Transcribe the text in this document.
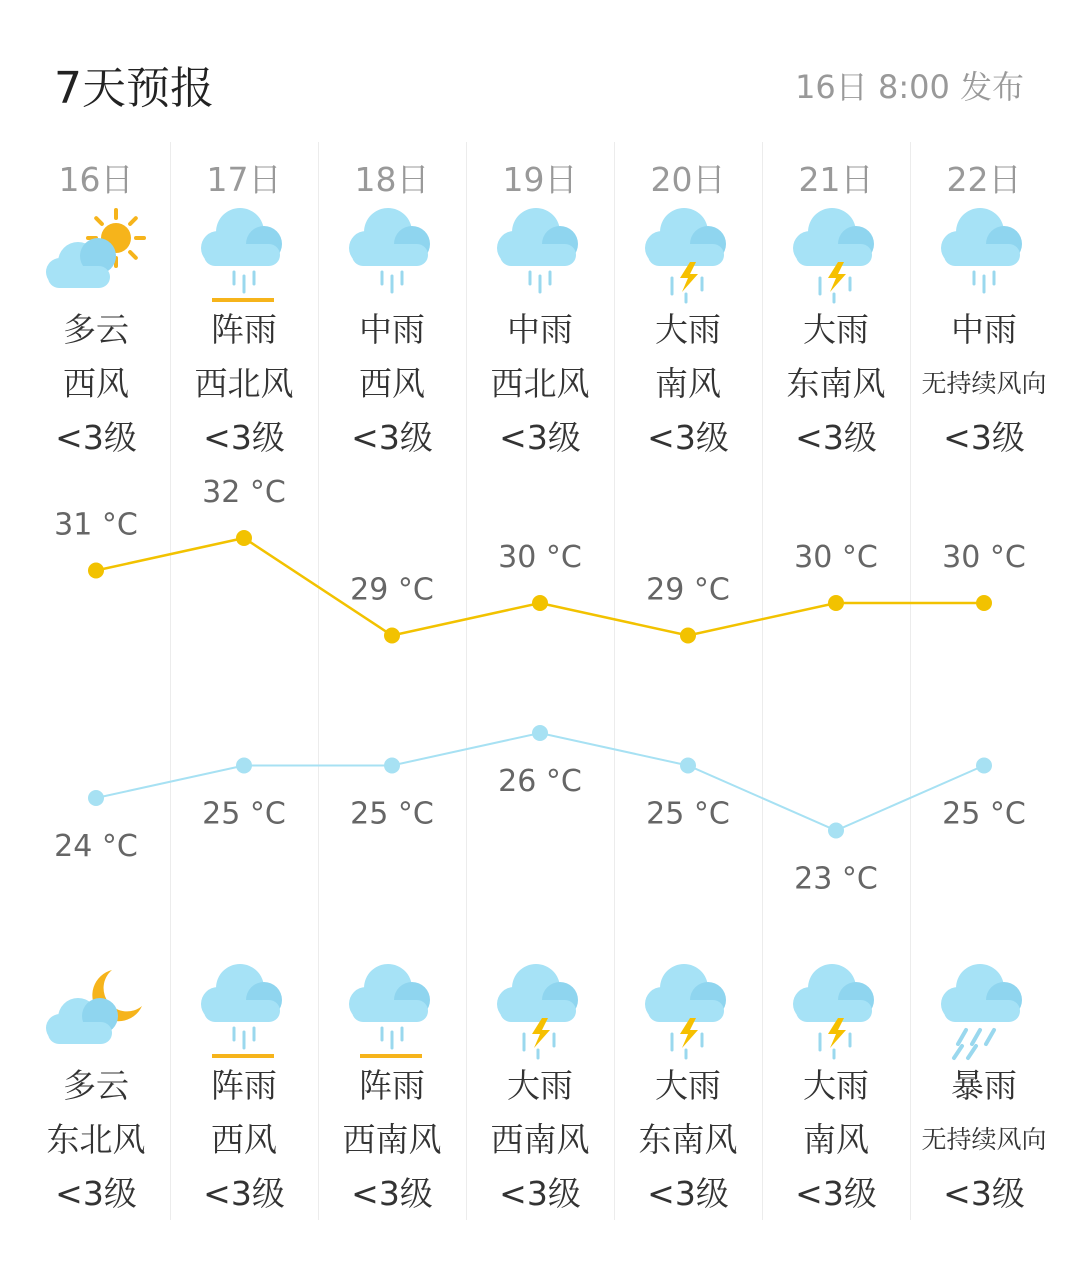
7天预报	16日 8:00 发布
16日
多云
西风
<3级
多云
东北风
<3级
17日
阵雨
西北风
<3级
阵雨
西风
<3级
18日
中雨
西风
<3级
阵雨
西南风
<3级
19日
中雨
西北风
<3级
大雨
西南风
<3级
20日
大雨
南风
<3级
大雨
东南风
<3级
21日
大雨
东南风
<3级
大雨
南风
<3级
22日
中雨
无持续风向
<3级
暴雨
无持续风向
<3级
31 °C
32 °C
29 °C
30 °C
29 °C
30 °C 30 °C
24 °C
25 °C 25 °C
26 °C
25 °C
23 °C
25 °C
